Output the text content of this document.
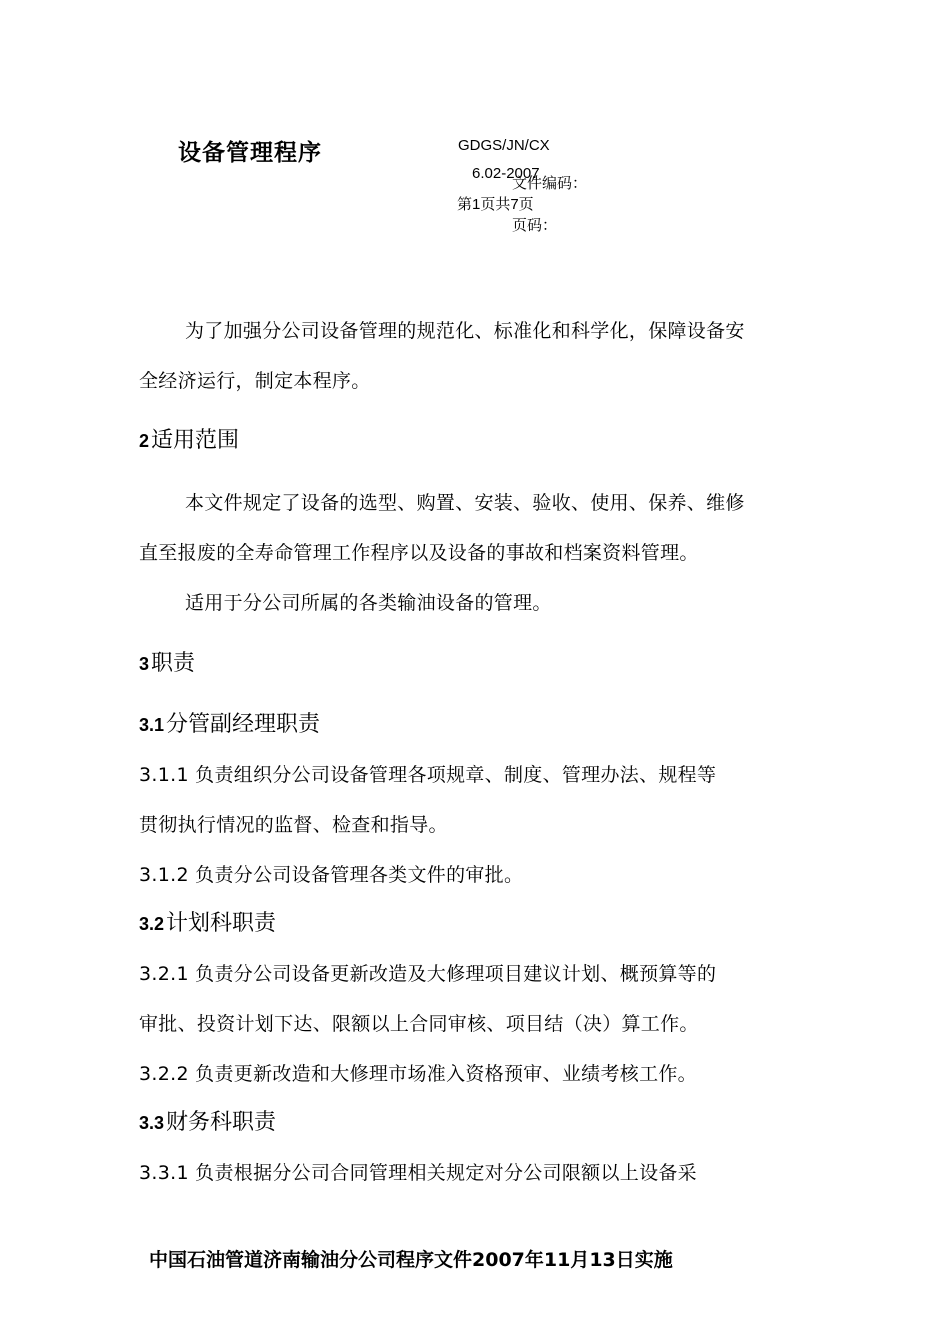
设备管理程序	GDGS/JN/CX
6.02-2007
文件编码：
第1页共7页
页码：
为了加强分公司设备管理的规范化、标准化和科学化，保障设备安
全经济运行，制定本程序。
2适用范围
本文件规定了设备的选型、购置、安装、验收、使用、保养、维修
直至报废的全寿命管理工作程序以及设备的事故和档案资料管理。
适用于分公司所属的各类输油设备的管理。
3职责
3.1分管副经理职责
3.1.1 负责组织分公司设备管理各项规章、制度、管理办法、规程等
贯彻执行情况的监督、检查和指导。
3.1.2 负责分公司设备管理各类文件的审批。
3.2计划科职责
3.2.1 负责分公司设备更新改造及大修理项目建议计划、概预算等的
审批、投资计划下达、限额以上合同审核、项目结（决）算工作。
3.2.2 负责更新改造和大修理市场准入资格预审、业绩考核工作。
3.3财务科职责
3.3.1 负责根据分公司合同管理相关规定对分公司限额以上设备采
中国石油管道济南输油分公司程序文件2007年11月13日实施
